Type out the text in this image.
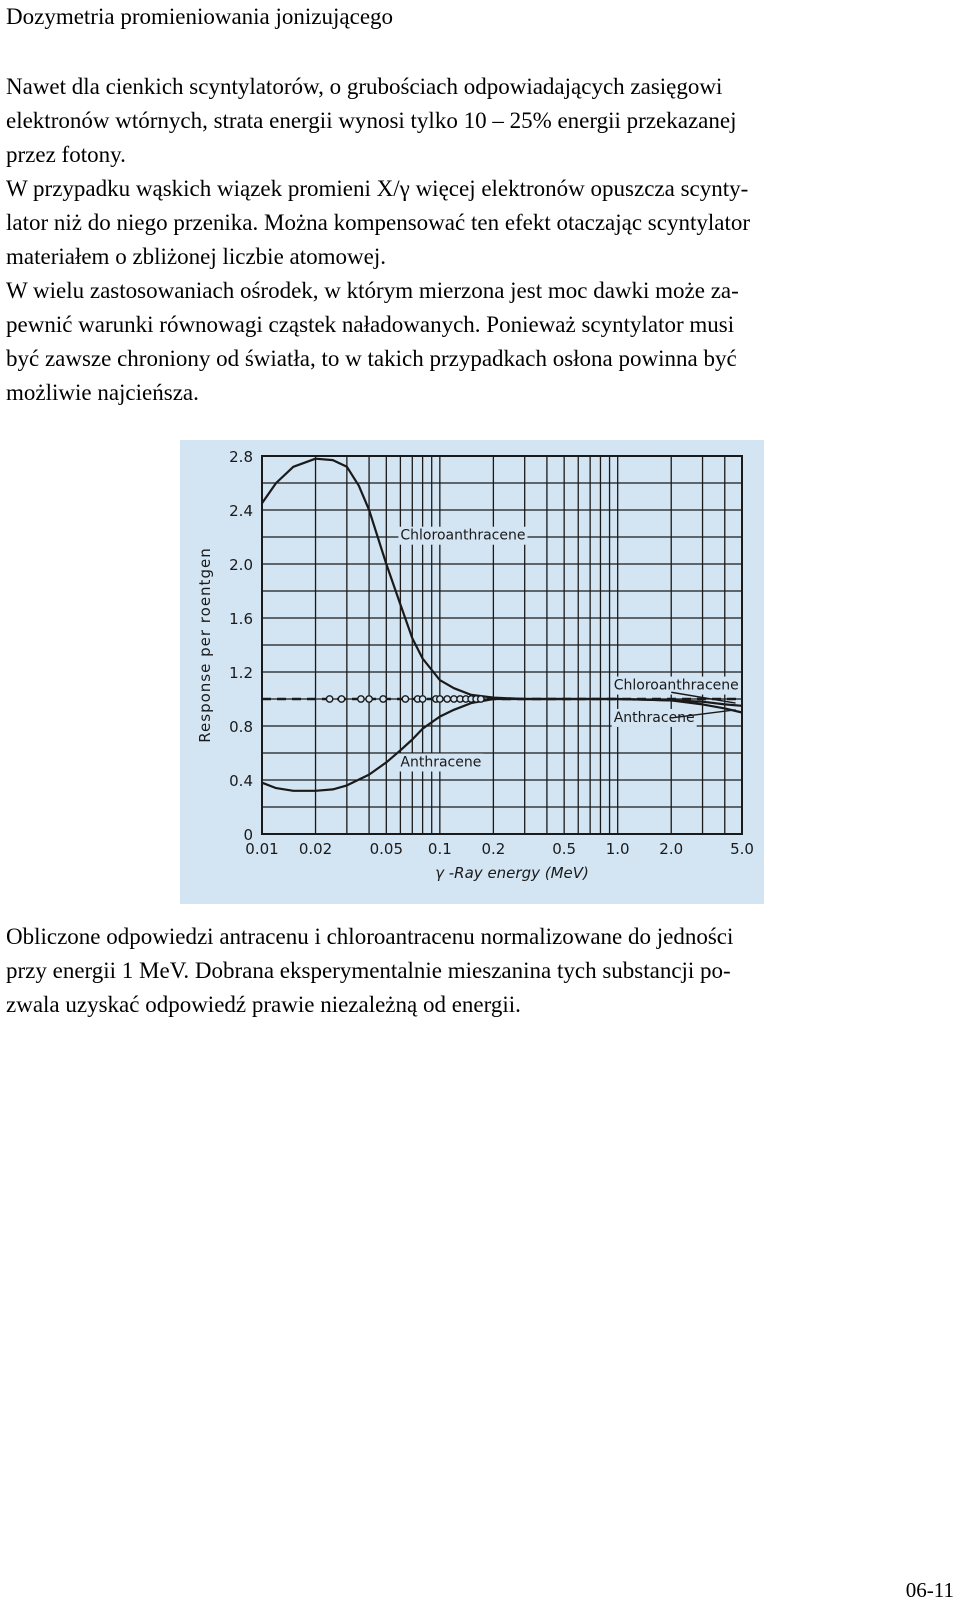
Dozymetria promieniowania jonizującego

Nawet dla cienkich scyntylatorów, o grubościach odpowiadających zasięgowi

elektronów wtórnych, strata energii wynosi tylko 10 – 25% energii przekazanej

przez fotony.

W przypadku wąskich wiązek promieni X/γ więcej elektronów opuszcza scynty-

lator niż do niego przenika. Można kompensować ten efekt otaczając scyntylator

materiałem o zbliżonej liczbie atomowej.

W wielu zastosowaniach ośrodek, w którym mierzona jest moc dawki może za-

pewnić warunki równowagi cząstek naładowanych. Ponieważ scyntylator musi

być zawsze chroniony od światła, to w takich przypadkach osłona powinna być

możliwie najcieńsza.

0
0.4
0.8
1.2
1.6
2.0
2.4
2.8
0.01 0.02 0.05 0.1 0.2	0.5 1.0 2.0	5.0
γ -Ray energy (MeV)
Response per roentgen
Chloroanthracene
Chloroanthracene
Anthracene
Anthracene

Obliczone odpowiedzi antracenu i chloroantracenu normalizowane do jedności

przy energii 1 MeV. Dobrana eksperymentalnie mieszanina tych substancji po-

zwala uzyskać odpowiedź prawie niezależną od energii.

06-11
